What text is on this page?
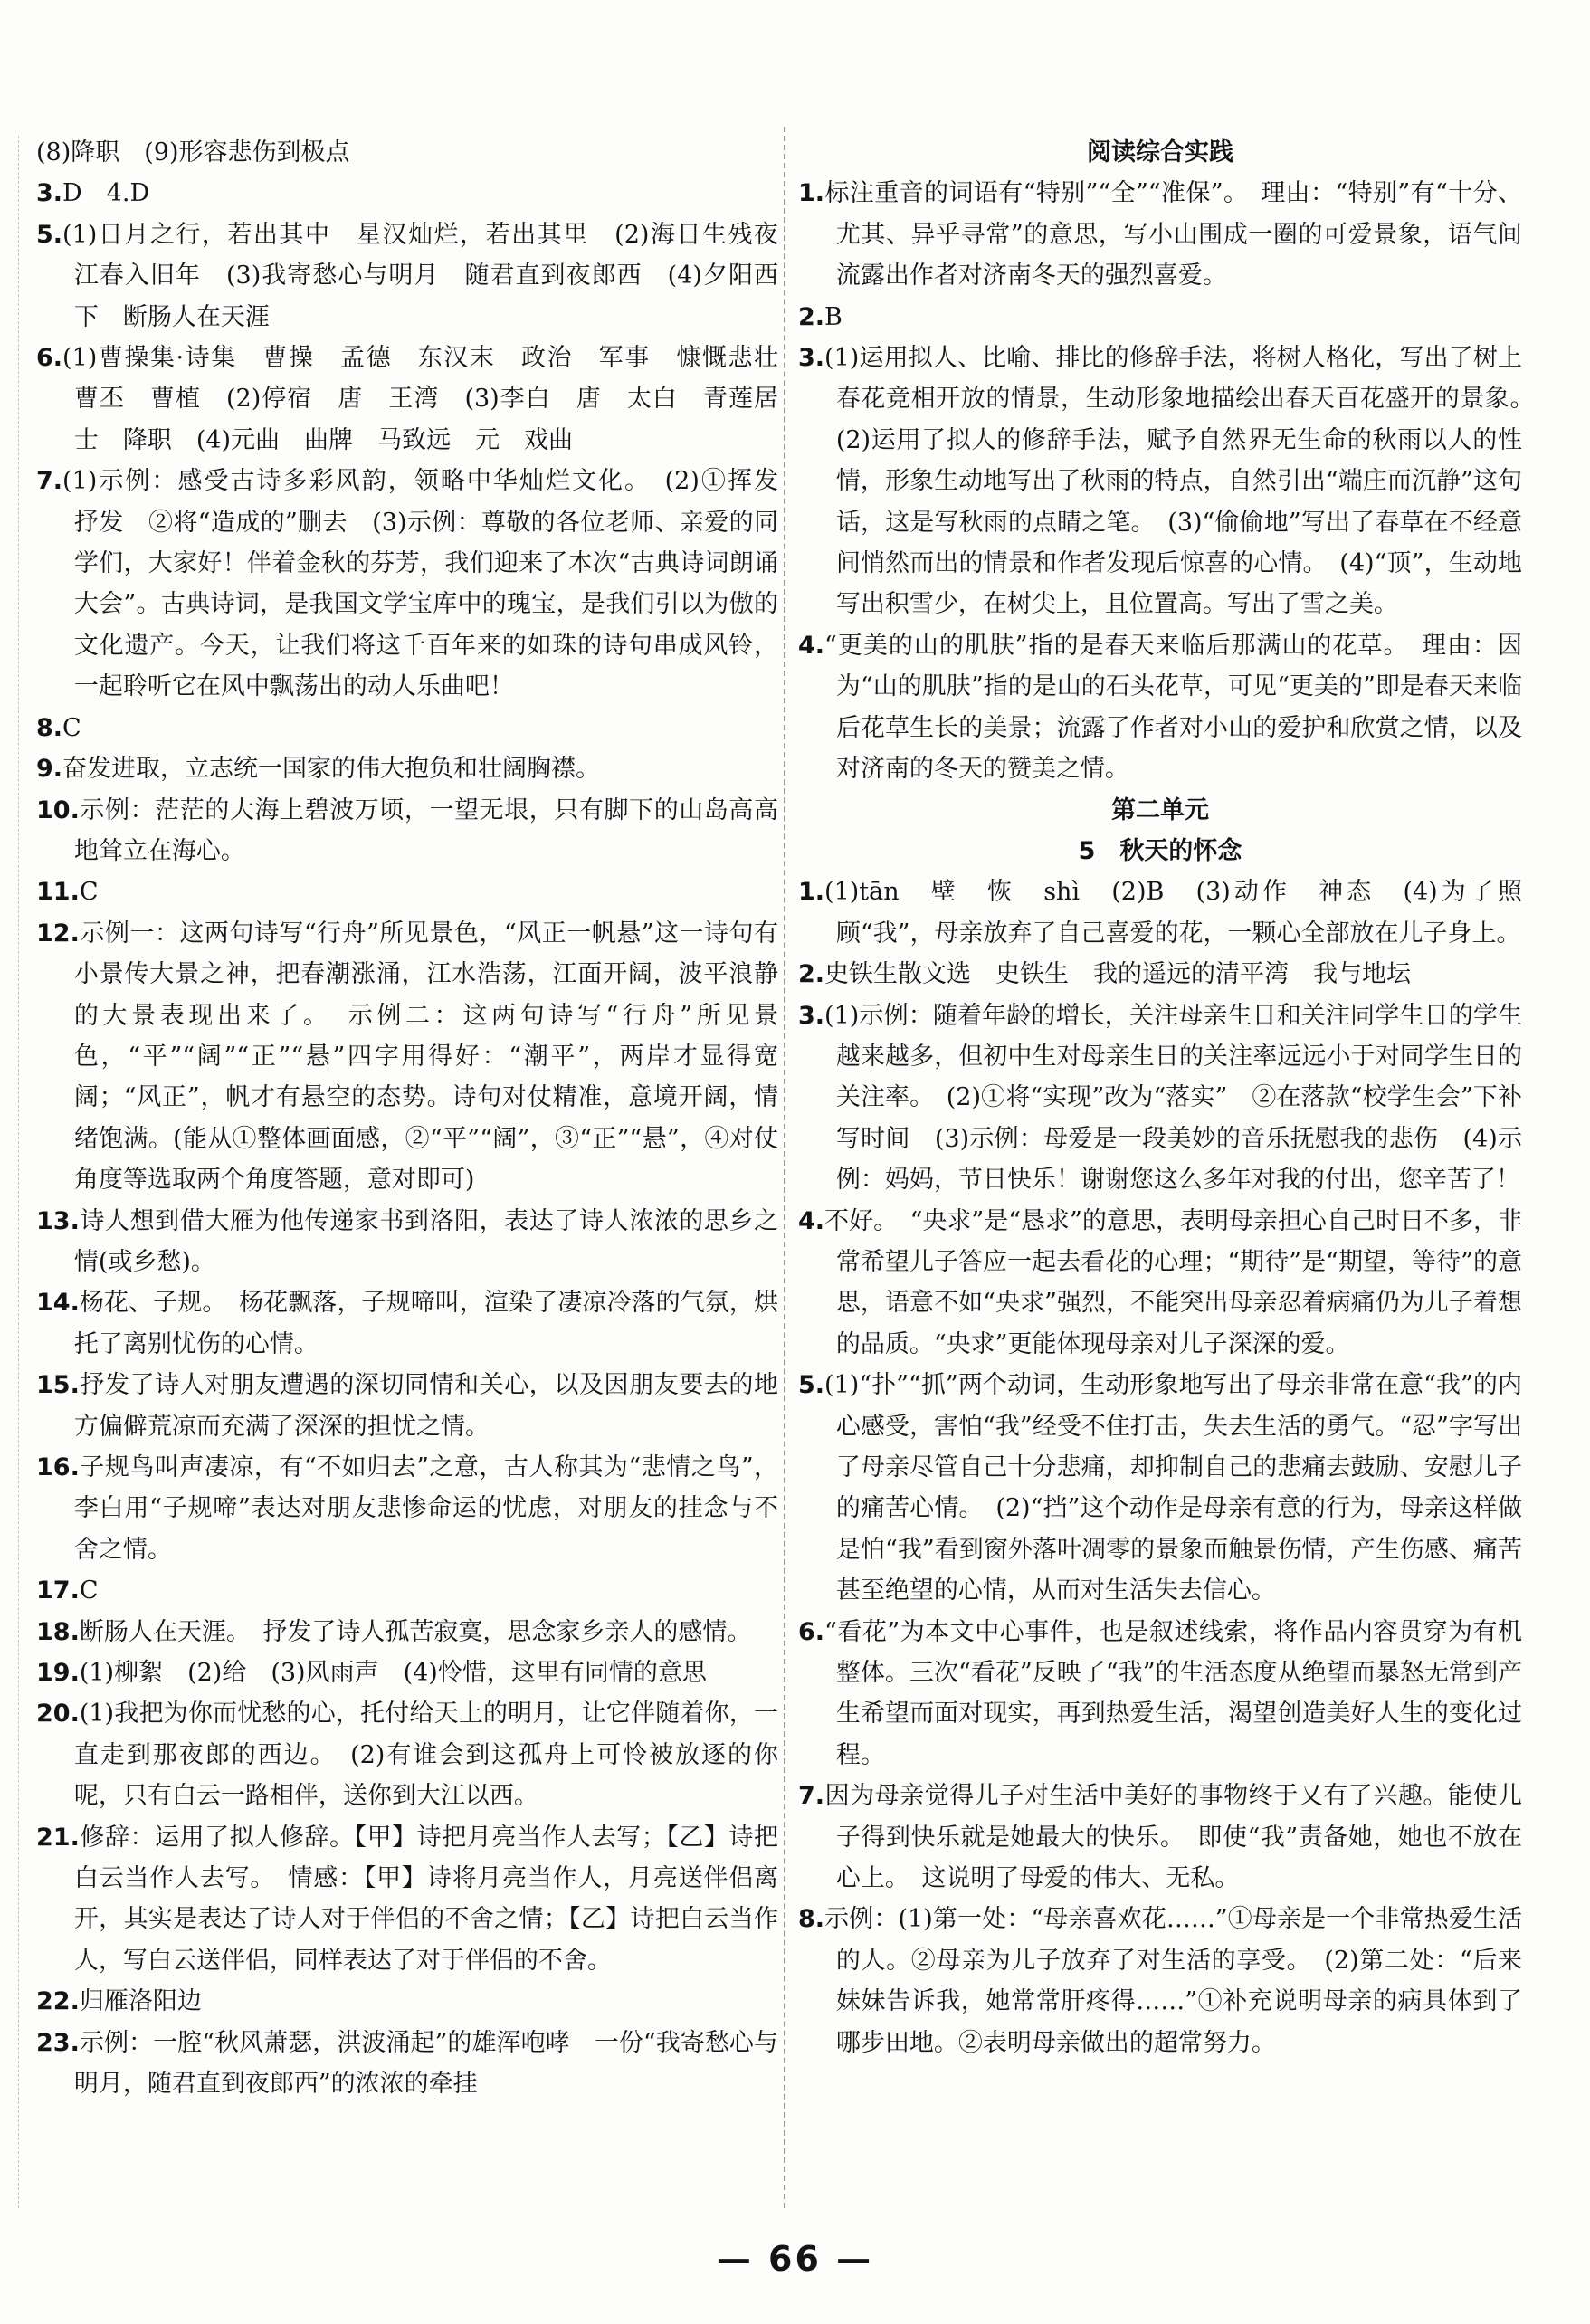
(8)降职　(9)形容悲伤到极点

3.D　4.D

5.(1)日月之行，若出其中　星汉灿烂，若出其里　(2)海日生残夜　江春入旧年　(3)我寄愁心与明月　随君直到夜郎西　(4)夕阳西下　断肠人在天涯

6.(1)曹操集·诗集　曹操　孟德　东汉末　政治　军事　慷慨悲壮　曹丕　曹植　(2)停宿　唐　王湾　(3)李白　唐　太白　青莲居士　降职　(4)元曲　曲牌　马致远　元　戏曲

7.(1)示例：感受古诗多彩风韵，领略中华灿烂文化。　(2)①挥发　抒发　②将“造成的”删去　(3)示例：尊敬的各位老师、亲爱的同学们，大家好！伴着金秋的芬芳，我们迎来了本次“古典诗词朗诵大会”。古典诗词，是我国文学宝库中的瑰宝，是我们引以为傲的文化遗产。今天，让我们将这千百年来的如珠的诗句串成风铃，一起聆听它在风中飘荡出的动人乐曲吧！

8.C

9.奋发进取，立志统一国家的伟大抱负和壮阔胸襟。

10.示例：茫茫的大海上碧波万顷，一望无垠，只有脚下的山岛高高地耸立在海心。

11.C

12.示例一：这两句诗写“行舟”所见景色，“风正一帆悬”这一诗句有小景传大景之神，把春潮涨涌，江水浩荡，江面开阔，波平浪静的大景表现出来了。　示例二：这两句诗写“行舟”所见景色，“平”“阔”“正”“悬”四字用得好：“潮平”，两岸才显得宽阔；“风正”，帆才有悬空的态势。诗句对仗精准，意境开阔，情绪饱满。(能从①整体画面感，②“平”“阔”，③“正”“悬”，④对仗角度等选取两个角度答题，意对即可)

13.诗人想到借大雁为他传递家书到洛阳，表达了诗人浓浓的思乡之情(或乡愁)。

14.杨花、子规。　杨花飘落，子规啼叫，渲染了凄凉冷落的气氛，烘托了离别忧伤的心情。

15.抒发了诗人对朋友遭遇的深切同情和关心，以及因朋友要去的地方偏僻荒凉而充满了深深的担忧之情。

16.子规鸟叫声凄凉，有“不如归去”之意，古人称其为“悲情之鸟”，李白用“子规啼”表达对朋友悲惨命运的忧虑，对朋友的挂念与不舍之情。

17.C

18.断肠人在天涯。　抒发了诗人孤苦寂寞，思念家乡亲人的感情。

19.(1)柳絮　(2)给　(3)风雨声　(4)怜惜，这里有同情的意思

20.(1)我把为你而忧愁的心，托付给天上的明月，让它伴随着你，一直走到那夜郎的西边。　(2)有谁会到这孤舟上可怜被放逐的你呢，只有白云一路相伴，送你到大江以西。

21.修辞：运用了拟人修辞。【甲】诗把月亮当作人去写；【乙】诗把白云当作人去写。　情感：【甲】诗将月亮当作人，月亮送伴侣离开，其实是表达了诗人对于伴侣的不舍之情；【乙】诗把白云当作人，写白云送伴侣，同样表达了对于伴侣的不舍。

22.归雁洛阳边

23.示例：一腔“秋风萧瑟，洪波涌起”的雄浑咆哮　一份“我寄愁心与明月，随君直到夜郎西”的浓浓的牵挂

阅读综合实践

1.标注重音的词语有“特别”“全”“准保”。　理由：“特别”有“十分、尤其、异乎寻常”的意思，写小山围成一圈的可爱景象，语气间流露出作者对济南冬天的强烈喜爱。

2.B

3.(1)运用拟人、比喻、排比的修辞手法，将树人格化，写出了树上春花竞相开放的情景，生动形象地描绘出春天百花盛开的景象。　(2)运用了拟人的修辞手法，赋予自然界无生命的秋雨以人的性情，形象生动地写出了秋雨的特点，自然引出“端庄而沉静”这句话，这是写秋雨的点睛之笔。　(3)“偷偷地”写出了春草在不经意间悄然而出的情景和作者发现后惊喜的心情。　(4)“顶”，生动地写出积雪少，在树尖上，且位置高。写出了雪之美。

4.“更美的山的肌肤”指的是春天来临后那满山的花草。　理由：因为“山的肌肤”指的是山的石头花草，可见“更美的”即是春天来临后花草生长的美景；流露了作者对小山的爱护和欣赏之情，以及对济南的冬天的赞美之情。

第二单元

5　秋天的怀念

1.(1)tān　壁　恢　shì　(2)B　(3)动作　神态　(4)为了照顾“我”，母亲放弃了自己喜爱的花，一颗心全部放在儿子身上。

2.史铁生散文选　史铁生　我的遥远的清平湾　我与地坛

3.(1)示例：随着年龄的增长，关注母亲生日和关注同学生日的学生越来越多，但初中生对母亲生日的关注率远远小于对同学生日的关注率。　(2)①将“实现”改为“落实”　②在落款“校学生会”下补写时间　(3)示例：母爱是一段美妙的音乐抚慰我的悲伤　(4)示例：妈妈，节日快乐！谢谢您这么多年对我的付出，您辛苦了！

4.不好。　“央求”是“恳求”的意思，表明母亲担心自己时日不多，非常希望儿子答应一起去看花的心理；“期待”是“期望，等待”的意思，语意不如“央求”强烈，不能突出母亲忍着病痛仍为儿子着想的品质。“央求”更能体现母亲对儿子深深的爱。

5.(1)“扑”“抓”两个动词，生动形象地写出了母亲非常在意“我”的内心感受，害怕“我”经受不住打击，失去生活的勇气。“忍”字写出了母亲尽管自己十分悲痛，却抑制自己的悲痛去鼓励、安慰儿子的痛苦心情。　(2)“挡”这个动作是母亲有意的行为，母亲这样做是怕“我”看到窗外落叶凋零的景象而触景伤情，产生伤感、痛苦甚至绝望的心情，从而对生活失去信心。

6.“看花”为本文中心事件，也是叙述线索，将作品内容贯穿为有机整体。三次“看花”反映了“我”的生活态度从绝望而暴怒无常到产生希望而面对现实，再到热爱生活，渴望创造美好人生的变化过程。

7.因为母亲觉得儿子对生活中美好的事物终于又有了兴趣。能使儿子得到快乐就是她最大的快乐。　即使“我”责备她，她也不放在心上。　这说明了母爱的伟大、无私。

8.示例：(1)第一处：“母亲喜欢花……”①母亲是一个非常热爱生活的人。②母亲为儿子放弃了对生活的享受。　(2)第二处：“后来妹妹告诉我，她常常肝疼得……”①补充说明母亲的病具体到了哪步田地。②表明母亲做出的超常努力。

— 66 —
